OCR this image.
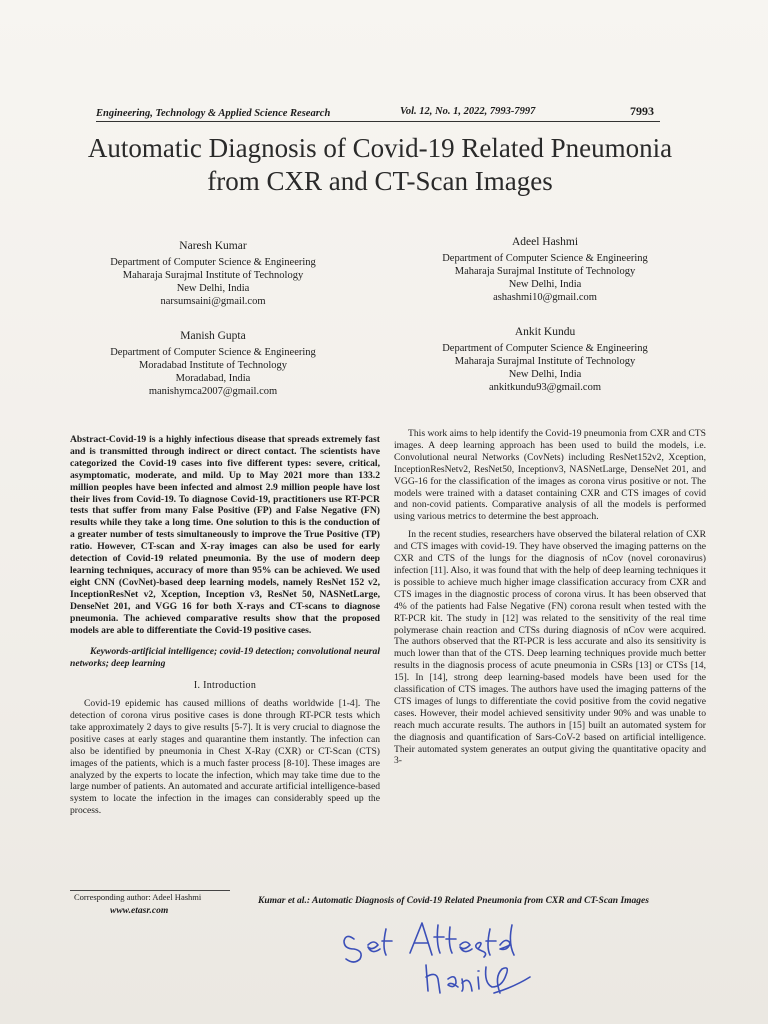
Engineering, Technology & Applied Science Research	Vol. 12, No. 1, 2022, 7993-7997	7993
Automatic Diagnosis of Covid-19 Related Pneumonia
from CXR and CT-Scan Images
Naresh Kumar
Department of Computer Science & Engineering
Maharaja Surajmal Institute of Technology
New Delhi, India
narsumsaini@gmail.com
Manish Gupta
Department of Computer Science & Engineering
Moradabad Institute of Technology
Moradabad, India
manishymca2007@gmail.com
Adeel Hashmi
Department of Computer Science & Engineering
Maharaja Surajmal Institute of Technology
New Delhi, India
ashashmi10@gmail.com
Ankit Kundu
Department of Computer Science & Engineering
Maharaja Surajmal Institute of Technology
New Delhi, India
ankitkundu93@gmail.com

Abstract-Covid-19 is a highly infectious disease that spreads extremely fast and is transmitted through indirect or direct contact. The scientists have categorized the Covid-19 cases into five different types: severe, critical, asymptomatic, moderate, and mild. Up to May 2021 more than 133.2 million peoples have been infected and almost 2.9 million people have lost their lives from Covid-19. To diagnose Covid-19, practitioners use RT-PCR tests that suffer from many False Positive (FP) and False Negative (FN) results while they take a long time. One solution to this is the conduction of a greater number of tests simultaneously to improve the True Positive (TP) ratio. However, CT-scan and X-ray images can also be used for early detection of Covid-19 related pneumonia. By the use of modern deep learning techniques, accuracy of more than 95% can be achieved. We used eight CNN (CovNet)-based deep learning models, namely ResNet 152 v2, InceptionResNet v2, Xception, Inception v3, ResNet 50, NASNetLarge, DenseNet 201, and VGG 16 for both X-rays and CT-scans to diagnose pneumonia. The achieved comparative results show that the proposed models are able to differentiate the Covid-19 positive cases.

Keywords-artificial intelligence; covid-19 detection; convolutional neural networks; deep learning

I. Introduction

Covid-19 epidemic has caused millions of deaths worldwide [1-4]. The detection of corona virus positive cases is done through RT-PCR tests which take approximately 2 days to give results [5-7]. It is very crucial to diagnose the positive cases at early stages and quarantine them instantly. The infection can also be identified by pneumonia in Chest X-Ray (CXR) or CT-Scan (CTS) images of the patients, which is a much faster process [8-10]. These images are analyzed by the experts to locate the infection, which may take time due to the large number of patients. An automated and accurate artificial intelligence-based system to locate the infection in the images can considerably speed up the process.

This work aims to help identify the Covid-19 pneumonia from CXR and CTS images. A deep learning approach has been used to build the models, i.e. Convolutional neural Networks (CovNets) including ResNet152v2, Xception, InceptionResNetv2, ResNet50, Inceptionv3, NASNetLarge, DenseNet 201, and VGG-16 for the classification of the images as corona virus positive or not. The models were trained with a dataset containing CXR and CTS images of covid and non-covid patients. Comparative analysis of all the models is performed using various metrics to determine the best approach.

In the recent studies, researchers have observed the bilateral relation of CXR and CTS images with covid-19. They have observed the imaging patterns on the CXR and CTS of the lungs for the diagnosis of nCov (novel coronavirus) infection [11]. Also, it was found that with the help of deep learning techniques it is possible to achieve much higher image classification accuracy from CXR and CTS images in the diagnostic process of corona virus. It has been observed that 4% of the patients had False Negative (FN) corona result when tested with the RT-PCR kit. The study in [12] was related to the sensitivity of the real time polymerase chain reaction and CTSs during diagnosis of nCov were acquired. The authors observed that the RT-PCR is less accurate and also its sensitivity is much lower than that of the CTS. Deep learning techniques provide much better results in the diagnosis process of acute pneumonia in CSRs [13] or CTSs [14, 15]. In [14], strong deep learning-based models have been used for the classification of CTS images. The authors have used the imaging patterns of the CTS images of lungs to differentiate the covid positive from the covid negative cases. However, their model achieved sensitivity under 90% and was unable to reach much accurate results. The authors in [15] built an automated system for the diagnosis and quantification of Sars-CoV-2 based on artificial intelligence. Their automated system generates an output giving the quantitative opacity and 3-

Corresponding author: Adeel Hashmi
www.etasr.com
Kumar et al.: Automatic Diagnosis of Covid-19 Related Pneumonia from CXR and CT-Scan Images
